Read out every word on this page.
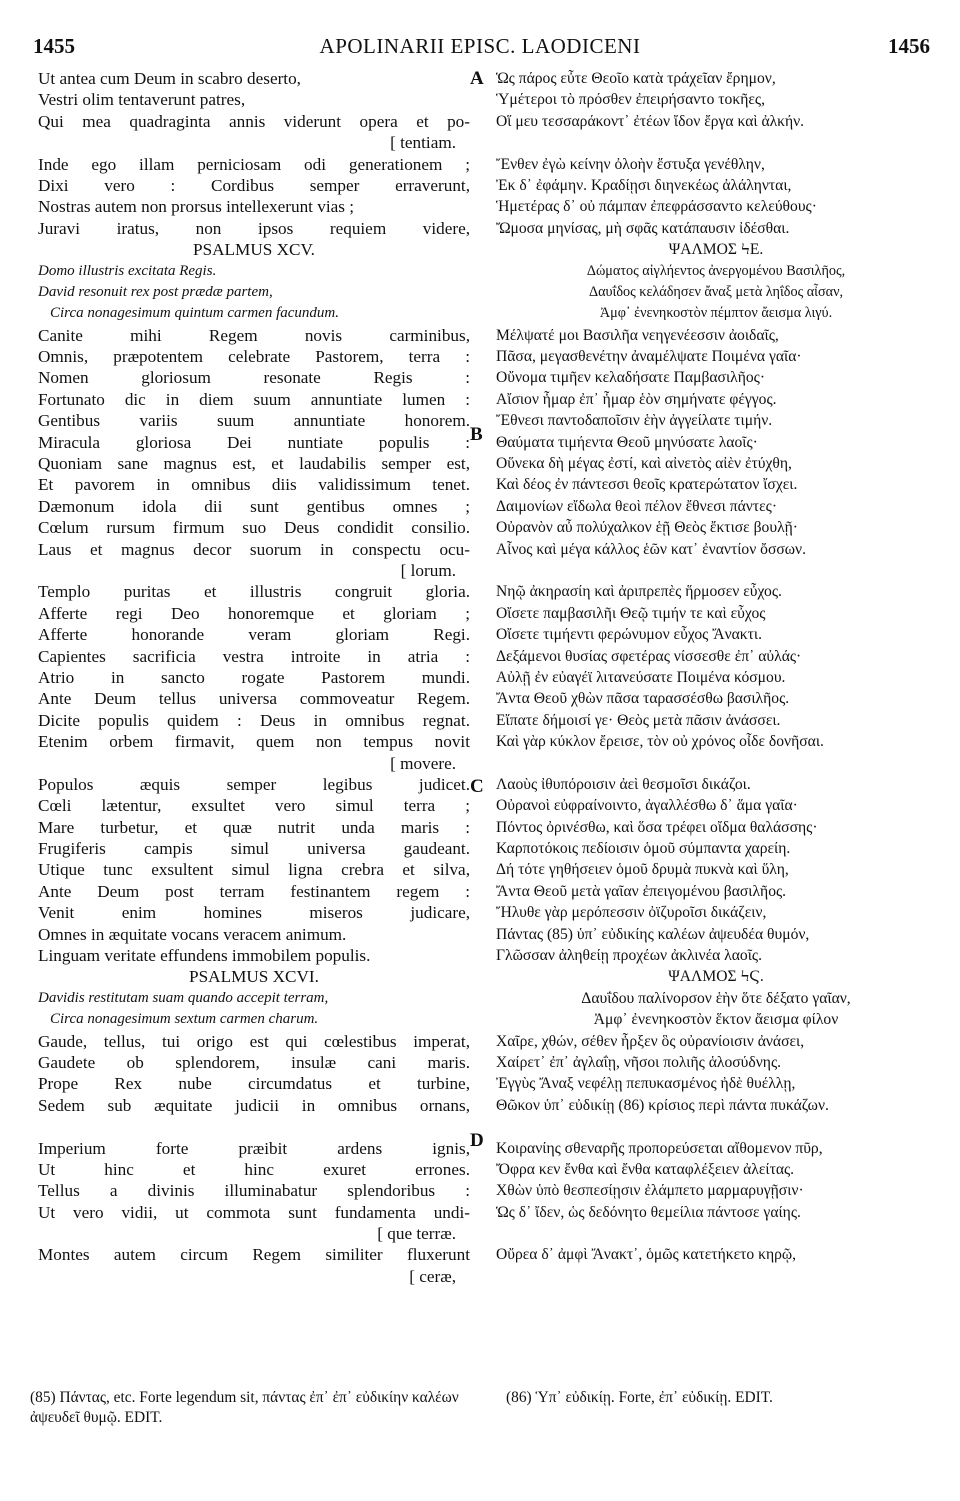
1455	APOLINARII EPISC. LAODICENI	1456
Ut antea cum Deum in scabro deserto,
Vestri olim tentaverunt patres,
Qui mea quadraginta annis viderunt opera et po-
[ tentiam.
Inde ego illam perniciosam odi generationem ;
Dixi vero : Cordibus semper erraverunt,
Nostras autem non prorsus intellexerunt vias ;
Juravi iratus, non ipsos requiem videre,
PSALMUS XCV.
Domo illustris excitata Regis.
David resonuit rex post prædæ partem,
Circa nonagesimum quintum carmen facundum.
Canite mihi Regem novis carminibus,
Omnis, præpotentem celebrate Pastorem, terra :
Nomen gloriosum resonate Regis :
Fortunato dic in diem suum annuntiate lumen :
Gentibus variis suum annuntiate honorem.
Miracula gloriosa Dei nuntiate populis :
Quoniam sane magnus est, et laudabilis semper est,
Et pavorem in omnibus diis validissimum tenet.
Dæmonum idola dii sunt gentibus omnes ;
Cœlum rursum firmum suo Deus condidit consilio.
Laus et magnus decor suorum in conspectu ocu-
[ lorum.
Templo puritas et illustris congruit gloria.
Afferte regi Deo honoremque et gloriam ;
Afferte honorande veram gloriam Regi.
Capientes sacrificia vestra introite in atria :
Atrio in sancto rogate Pastorem mundi.
Ante Deum tellus universa commoveatur Regem.
Dicite populis quidem : Deus in omnibus regnat.
Etenim orbem firmavit, quem non tempus novit
[ movere.
Populos æquis semper legibus judicet.
Cœli lætentur, exsultet vero simul terra ;
Mare turbetur, et quæ nutrit unda maris :
Frugiferis campis simul universa gaudeant.
Utique tunc exsultent simul ligna crebra et silva,
Ante Deum post terram festinantem regem :
Venit enim homines miseros judicare,
Omnes in æquitate vocans veracem animum.
Linguam veritate effundens immobilem populis.
PSALMUS XCVI.
Davidis restitutam suam quando accepit terram,
Circa nonagesimum sextum carmen charum.
Gaude, tellus, tui origo est qui cœlestibus imperat,
Gaudete ob splendorem, insulæ cani maris.
Prope Rex nube circumdatus et turbine,
Sedem sub æquitate judicii in omnibus ornans,
Imperium forte præibit ardens ignis,
Ut hinc et hinc exuret errones.
Tellus a divinis illuminabatur splendoribus :
Ut vero vidii, ut commota sunt fundamenta undi-
[ que terræ.
Montes autem circum Regem similiter fluxerunt
[ ceræ,
Ὡς πάρος εὖτε Θεοῖο κατὰ τράχεῖαν ἔρημον,
Ὑμέτεροι τὸ πρόσθεν ἐπειρήσαντο τοκῆες,
Οἵ μευ τεσσαράκοντ᾽ ἐτέων ἴδον ἔργα καὶ ἀλκήν.
Ἔνθεν ἐγὼ κείνην ὀλοὴν ἔστυξα γενέθλην,
Ἐκ δ᾽ ἐφάμην. Κραδίῃσι διηνεκέως ἀλάληνται,
Ἡμετέρας δ᾽ οὐ πάμπαν ἐπεφράσσαντο κελεύθους·
Ὤμοσα μηνίσας, μὴ σφᾶς κατάπαυσιν ἰδέσθαι.
ΨΑΛΜΟΣ ϞΕ.
Δώματος αἰγλήεντος ἀνεργομένου Βασιλῆος,
Δαυΐδος κελάδησεν ἄναξ μετὰ ληΐδος αἶσαν,
Ἀμφ᾽ ἐνενηκοστὸν πέμπτον ἄεισμα λιγύ.
Μέλψατέ μοι Βασιλῆα νεηγενέεσσιν ἀοιδαῖς,
Πᾶσα, μεγασθενέτην ἀναμέλψατε Ποιμένα γαῖα·
Οὔνομα τιμῆεν κελαδήσατε Παμβασιλῆος·
Αἴσιον ἦμαρ ἐπ᾽ ἦμαρ ἑὸν σημήνατε φέγγος.
Ἔθνεσι παντοδαποῖσιν ἑὴν ἀγγείλατε τιμήν.
Θαύματα τιμήεντα Θεοῦ μηνύσατε λαοῖς·
Οὕνεκα δὴ μέγας ἐστί, καὶ αἰνετὸς αἰὲν ἐτύχθη,
Καὶ δέος ἐν πάντεσσι θεοῖς κρατερώτατον ἴσχει.
Δαιμονίων εἴδωλα θεοὶ πέλον ἔθνεσι πάντες·
Οὐρανὸν αὖ πολύχαλκον ἑῇ Θεὸς ἔκτισε βουλῇ·
Αἶνος καὶ μέγα κάλλος ἑῶν κατ᾽ ἐναντίον ὄσσων.
Νηῷ ἀκηρασίη καὶ ἀριπρεπὲς ἥρμοσεν εὖχος.
Οἴσετε παμβασιλῆι Θεῷ τιμήν τε καὶ εὖχος
Οἴσετε τιμήεντι φερώνυμον εὖχος Ἄνακτι.
Δεξάμενοι θυσίας σφετέρας νίσσεσθε ἐπ᾽ αὐλάς·
Αὐλῇ ἐν εὐαγέϊ λιτανεύσατε Ποιμένα κόσμου.
Ἄντα Θεοῦ χθὼν πᾶσα ταρασσέσθω βασιλῆος.
Εἴπατε δήμοισί γε· Θεὸς μετὰ πᾶσιν ἀνάσσει.
Καὶ γὰρ κύκλον ἔρεισε, τὸν οὐ χρόνος οἶδε δονῆσαι.
Λαοὺς ἰθυπόροισιν ἀεὶ θεσμοῖσι δικάζοι.
Οὐρανοὶ εὐφραίνοιντο, ἀγαλλέσθω δ᾽ ἅμα γαῖα·
Πόντος ὀρινέσθω, καὶ ὅσα τρέφει οἴδμα θαλάσσης·
Καρποτόκοις πεδίοισιν ὁμοῦ σύμπαντα χαρείη.
Δή τότε γηθήσειεν ὁμοῦ δρυμὰ πυκνὰ καὶ ὕλη,
Ἄντα Θεοῦ μετὰ γαῖαν ἐπειγομένου βασιλῆος.
Ἤλυθε γὰρ μερόπεσσιν ὀϊζυροῖσι δικάζειν,
Πάντας (85) ὑπ᾽ εὐδικίης καλέων ἀψευδέα θυμόν,
Γλῶσσαν ἀληθείῃ προχέων ἀκλινέα λαοῖς.
ΨΑΛΜΟΣ ϞϚ.
Δαυΐδου παλίνορσον ἑὴν ὅτε δέξατο γαῖαν,
Ἀμφ᾽ ἐνενηκοστὸν ἕκτον ἄεισμα φίλον
Χαῖρε, χθών, σέθεν ἦρξεν ὃς οὐρανίοισιν ἀνάσει,
Χαίρετ᾽ ἐπ᾽ ἀγλαΐῃ, νῆσοι πολιῆς ἁλοσύδνης.
Ἐγγὺς Ἄναξ νεφέλῃ πεπυκασμένος ἠδὲ θυέλλῃ,
Θῶκον ὑπ᾽ εὐδικίῃ (86) κρίσιος περὶ πάντα πυκάζων.
Κοιρανίης σθεναρῆς προπορεύσεται αἴθομενον πῦρ,
Ὄφρα κεν ἔνθα καὶ ἔνθα καταφλέξειεν ἀλείτας.
Χθὼν ὑπὸ θεσπεσίῃσιν ἐλάμπετο μαρμαρυγῇσιν·
Ὡς δ᾽ ἴδεν, ὡς δεδόνητο θεμείλια πάντοσε γαίης.
Οὔρεα δ᾽ ἀμφὶ Ἄνακτ᾽, ὁμῶς κατετήκετο κηρῷ,
A
B
C
D
(85) Πάντας, etc. Forte legendum sit, πάντας ἐπ᾽ ἐπ᾽ εὐδικίην καλέων ἀψευδεῖ θυμῷ. EDIT.
(86) Ὑπ᾽ εὐδικίῃ. Forte, ἐπ᾽ εὐδικίῃ. EDIT.
